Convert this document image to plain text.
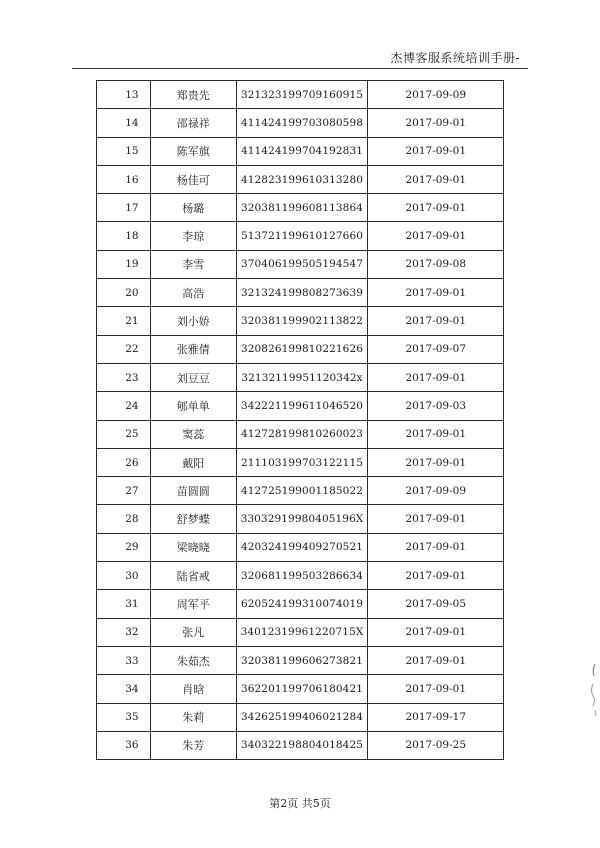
杰博客服系统培训手册-
13	郑贵先	321323199709160915	2017-09-09
14	邵禄祥	411424199703080598	2017-09-01
15	陈军旗	411424199704192831	2017-09-01
16	杨佳可	412823199610313280	2017-09-01
17	杨璐	320381199608113864	2017-09-01
18	李琼	513721199610127660	2017-09-01
19	李雪	370406199505194547	2017-09-08
20	高浩	321324199808273639	2017-09-01
21	刘小娇	320381199902113822	2017-09-01
22	张雅倩	320826199810221626	2017-09-07
23	刘豆豆	32132119951120342x	2017-09-01
24	郇单单	342221199611046520	2017-09-03
25	窦蕊	412728199810260023	2017-09-01
26	戴阳	211103199703122115	2017-09-01
27	苗圆圆	412725199001185022	2017-09-09
28	舒梦蝶	33032919980405196X	2017-09-01
29	梁晓晓	420324199409270521	2017-09-01
30	陆省戒	320681199503286634	2017-09-01
31	周军平	620524199310074019	2017-09-05
32	张凡	34012319961220715X	2017-09-01
33	朱茹杰	320381199606273821	2017-09-01
34	肖晗	362201199706180421	2017-09-01
35	朱莉	342625199406021284	2017-09-17
36	朱芳	340322198804018425	2017-09-25
第2页 共5页
